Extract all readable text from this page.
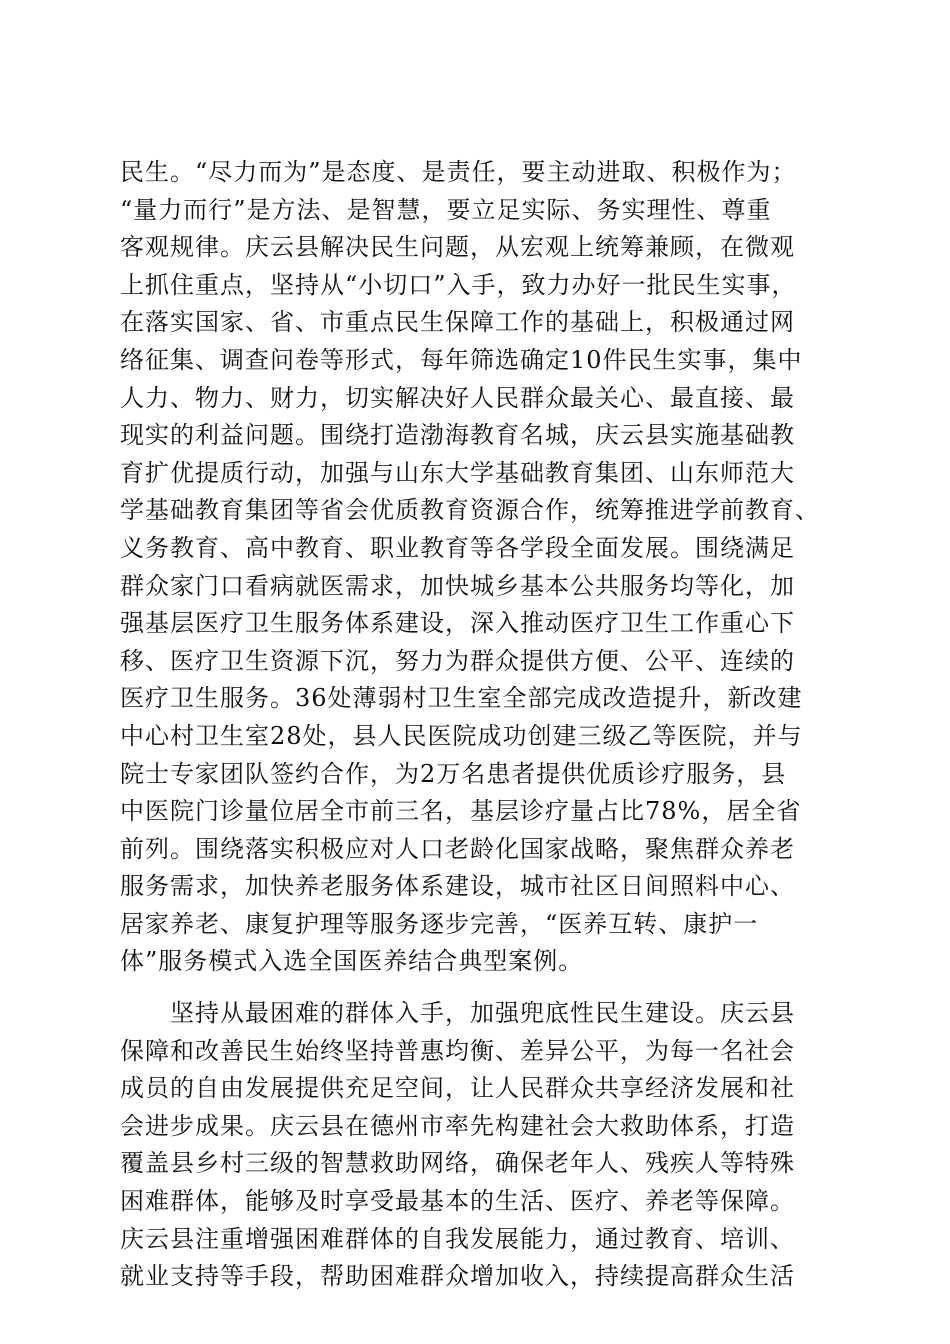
民生。“尽力而为”是态度、是责任，要主动进取、积极作为；
“量力而行”是方法、是智慧，要立足实际、务实理性、尊重
客观规律。庆云县解决民生问题，从宏观上统筹兼顾，在微观
上抓住重点，坚持从“小切口”入手，致力办好一批民生实事，
在落实国家、省、市重点民生保障工作的基础上，积极通过网
络征集、调查问卷等形式，每年筛选确定10件民生实事，集中
人力、物力、财力，切实解决好人民群众最关心、最直接、最
现实的利益问题。围绕打造渤海教育名城，庆云县实施基础教
育扩优提质行动，加强与山东大学基础教育集团、山东师范大
学基础教育集团等省会优质教育资源合作，统筹推进学前教育、
义务教育、高中教育、职业教育等各学段全面发展。围绕满足
群众家门口看病就医需求，加快城乡基本公共服务均等化，加
强基层医疗卫生服务体系建设，深入推动医疗卫生工作重心下
移、医疗卫生资源下沉，努力为群众提供方便、公平、连续的
医疗卫生服务。36处薄弱村卫生室全部完成改造提升，新改建
中心村卫生室28处，县人民医院成功创建三级乙等医院，并与
院士专家团队签约合作，为2万名患者提供优质诊疗服务，县
中医院门诊量位居全市前三名，基层诊疗量占比78%，居全省
前列。围绕落实积极应对人口老龄化国家战略，聚焦群众养老
服务需求，加快养老服务体系建设，城市社区日间照料中心、
居家养老、康复护理等服务逐步完善，“医养互转、康护一
体”服务模式入选全国医养结合典型案例。
　　坚持从最困难的群体入手，加强兜底性民生建设。庆云县
保障和改善民生始终坚持普惠均衡、差异公平，为每一名社会
成员的自由发展提供充足空间，让人民群众共享经济发展和社
会进步成果。庆云县在德州市率先构建社会大救助体系，打造
覆盖县乡村三级的智慧救助网络，确保老年人、残疾人等特殊
困难群体，能够及时享受最基本的生活、医疗、养老等保障。
庆云县注重增强困难群体的自我发展能力，通过教育、培训、
就业支持等手段，帮助困难群众增加收入，持续提高群众生活
